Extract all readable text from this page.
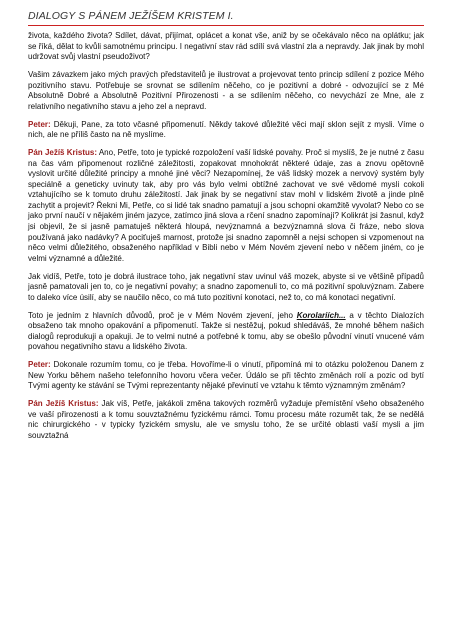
DIALOGY S PÁNEM JEŽÍŠEM KRISTEM I.

života, každého života? Sdílet, dávat, přijímat, oplácet a konat vše, aniž by se očekávalo něco na oplátku; jak se říká, dělat to kvůli samotnému principu. I negativní stav rád sdílí svá vlastní zla a nepravdy. Jak jinak by mohl udržovat svůj vlastní pseudoživot?

Vašim závazkem jako mých pravých představitelů je ilustrovat a projevovat tento princip sdílení z pozice Mého pozitivního stavu. Potřebuje se srovnat se sdílením něčeho, co je pozitivní a dobré - odvozující se z Mé Absolutně Dobré a Absolutně Pozitivní Přirozenosti - a se sdílením něčeho, co nevychází ze Mne, ale z relativního negativního stavu a jeho zel a nepravd.

Peter: Děkuji, Pane, za toto včasné připomenutí. Někdy takové důležité věci mají sklon sejít z mysli. Víme o nich, ale ne příliš často na ně myslíme.

Pán Ježíš Kristus: Ano, Petře, toto je typické rozpoložení vaší lidské povahy. Proč si myslíš, že je nutné z času na čas vám připomenout rozličné záležitosti, zopakovat mnohokrát některé údaje, zas a znovu opětovně vyslovit určité důležité principy a mnohé jiné věci? Nezapomínej, že váš lidský mozek a nervový systém byly speciálně a geneticky uvinuty tak, aby pro vás bylo velmi obtížné zachovat ve své vědomé mysli cokoli vztahujícího se k tomuto druhu záležitostí. Jak jinak by se negativní stav mohl v lidském životě a jinde plně zachytit a projevit? Řekni Mi, Petře, co si lidé tak snadno pamatují a jsou schopni okamžitě vyvolat? Nebo co se jako první naučí v nějakém jiném jazyce, zatímco jiná slova a rčení snadno zapomínají? Kolikrát jsi žasnul, když jsi objevil, že si jasně pamatuješ některá hloupá, nevýznamná a bezvýznamná slova či fráze, nebo slova používaná jako nadávky? A pociťuješ marnost, protože jsi snadno zapomněl a nejsi schopen si vzpomenout na něco velmi důležitého, obsaženého například v Bibli nebo v Mém Novém zjevení nebo v něčem jiném, co je velmi významné a důležité.

Jak vidíš, Petře, toto je dobrá ilustrace toho, jak negativní stav uvinul váš mozek, abyste si ve většině případů jasně pamatovali jen to, co je negativní povahy; a snadno zapomenuli to, co má pozitivní spoluvýznam. Zabere to daleko více úsilí, aby se naučilo něco, co má tuto pozitivní konotaci, než to, co má konotaci negativní.

Toto je jedním z hlavních důvodů, proč je v Mém Novém zjevení, jeho Korolariích... a v těchto Dialozích obsaženo tak mnoho opakování a připomenutí. Takže si nestěžuj, pokud shledáváš, že mnohé během našich dialogů reprodukuji a opakuji. Je to velmi nutné a potřebné k tomu, aby se obešlo původní vinutí vnucené vám povahou negativního stavu a lidského života.

Peter: Dokonale rozumím tomu, co je třeba. Hovoříme-li o vinutí, připomíná mi to otázku položenou Danem z New Yorku během našeho telefonního hovoru včera večer. Údálo se při těchto změnách rolí a pozic od bytí Tvými agenty ke stávání se Tvými reprezentanty nějaké převinutí ve vztahu k těmto významným změnám?

Pán Ježíš Kristus: Jak víš, Petře, jakákoli změna takových rozměrů vyžaduje přemístění všeho obsaženého ve vaší přirozenosti a k tomu souvztažnému fyzickému rámci. Tomu procesu máte rozumět tak, že se nedělá nic chirurgického - v typicky fyzickém smyslu, ale ve smyslu toho, že se určité oblasti vaší mysli a jim souvztažná
